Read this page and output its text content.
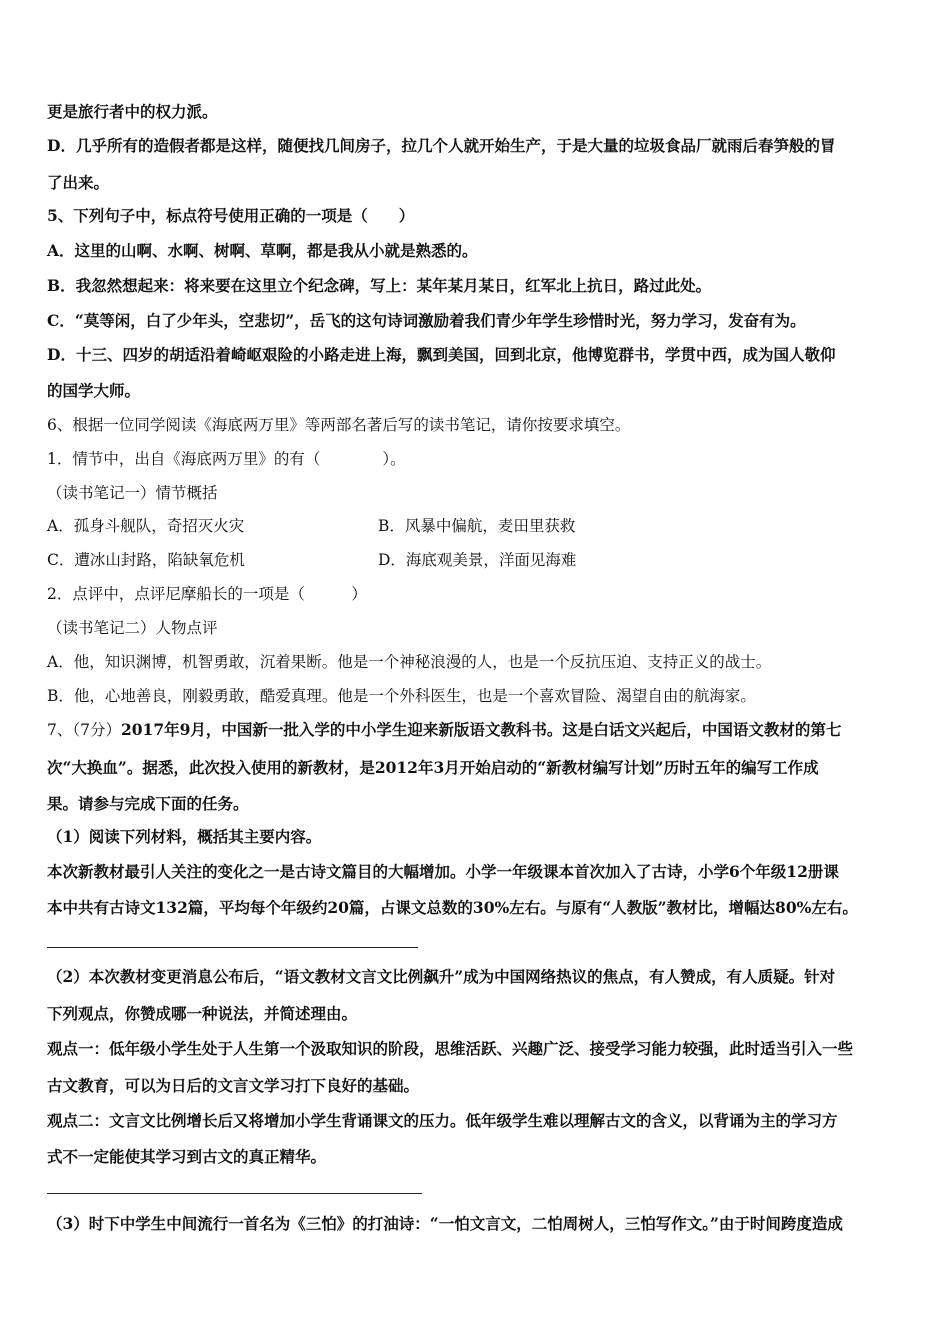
更是旅行者中的权力派。
D．几乎所有的造假者都是这样，随便找几间房子，拉几个人就开始生产，于是大量的垃圾食品厂就雨后春笋般的冒
了出来。
5、下列句子中，标点符号使用正确的一项是（　　）
A．这里的山啊、水啊、树啊、草啊，都是我从小就是熟悉的。
B．我忽然想起来：将来要在这里立个纪念碑，写上：某年某月某日，红军北上抗日，路过此处。
C．“莫等闲，白了少年头，空悲切”，岳飞的这句诗词激励着我们青少年学生珍惜时光，努力学习，发奋有为。
D．十三、四岁的胡适沿着崎岖艰险的小路走进上海，飘到美国，回到北京，他博览群书，学贯中西，成为国人敬仰
的国学大师。
6、根据一位同学阅读《海底两万里》等两部名著后写的读书笔记，请你按要求填空。
1．情节中，出自《海底两万里》的有（　　　　）。
（读书笔记一）情节概括
A．孤身斗舰队，奇招灭火灾	B．风暴中偏航，麦田里获救
C．遭冰山封路，陷缺氧危机	D．海底观美景，洋面见海难
2．点评中，点评尼摩船长的一项是（　　　）
（读书笔记二）人物点评
A．他，知识渊博，机智勇敢，沉着果断。他是一个神秘浪漫的人，也是一个反抗压迫、支持正义的战士。
B．他，心地善良，刚毅勇敢，酷爱真理。他是一个外科医生，也是一个喜欢冒险、渴望自由的航海家。
7、（7分）2017年9月，中国新一批入学的中小学生迎来新版语文教科书。这是白话文兴起后，中国语文教材的第七
次“大换血”。据悉，此次投入使用的新教材，是2012年3月开始启动的“新教材编写计划”历时五年的编写工作成
果。请参与完成下面的任务。
（1）阅读下列材料，概括其主要内容。
本次新教材最引人关注的变化之一是古诗文篇目的大幅增加。小学一年级课本首次加入了古诗，小学6个年级12册课
本中共有古诗文132篇，平均每个年级约20篇，占课文总数的30%左右。与原有“人教版”教材比，增幅达80%左右。
（2）本次教材变更消息公布后，“语文教材文言文比例飙升”成为中国网络热议的焦点，有人赞成，有人质疑。针对
下列观点，你赞成哪一种说法，并简述理由。
观点一：低年级小学生处于人生第一个汲取知识的阶段，思维活跃、兴趣广泛、接受学习能力较强，此时适当引入一些
古文教育，可以为日后的文言文学习打下良好的基础。
观点二：文言文比例增长后又将增加小学生背诵课文的压力。低年级学生难以理解古文的含义，以背诵为主的学习方
式不一定能使其学习到古文的真正精华。
（3）时下中学生中间流行一首名为《三怕》的打油诗：“一怕文言文，二怕周树人，三怕写作文。”由于时间跨度造成
